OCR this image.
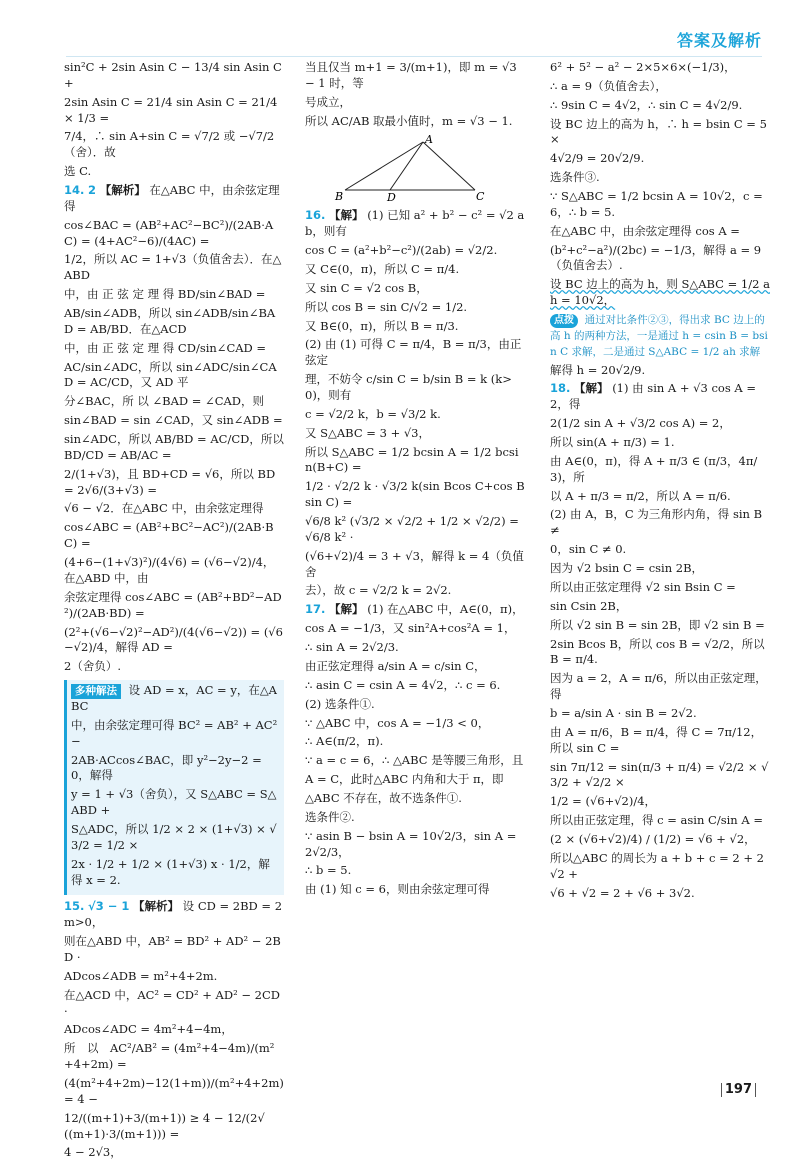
答案及解析

sin²C + 2sin Asin C − 13/4 sin Asin C +

2sin Asin C = 21/4 sin Asin C = 21/4 × 1/3 =

7/4，∴ sin A+sin C = √7/2 或 −√7/2（舍）．故

选 C.

14. 2 【解析】 在△ABC 中，由余弦定理得

cos∠BAC = (AB²+AC²−BC²)/(2AB·AC) = (4+AC²−6)/(4AC) =

1/2，所以 AC = 1+√3（负值舍去）．在△ABD

中，由 正 弦 定 理 得 BD/sin∠BAD =

AB/sin∠ADB，所以 sin∠ADB/sin∠BAD = AB/BD．在△ACD

中，由 正 弦 定 理 得 CD/sin∠CAD =

AC/sin∠ADC，所以 sin∠ADC/sin∠CAD = AC/CD，又 AD 平

分∠BAC，所 以 ∠BAD = ∠CAD，则

sin∠BAD = sin ∠CAD，又 sin∠ADB =

sin∠ADC，所以 AB/BD = AC/CD，所以 BD/CD = AB/AC =

2/(1+√3)，且 BD+CD = √6，所以 BD = 2√6/(3+√3) =

√6 − √2．在△ABC 中，由余弦定理得

cos∠ABC = (AB²+BC²−AC²)/(2AB·BC) =

(4+6−(1+√3)²)/(4√6) = (√6−√2)/4，在△ABD 中，由

余弦定理得 cos∠ABC = (AB²+BD²−AD²)/(2AB·BD) =

(2²+(√6−√2)²−AD²)/(4(√6−√2)) = (√6−√2)/4，解得 AD =

2（舍负）.

多种解法 设 AD = x，AC = y，在△ABC

中，由余弦定理可得 BC² = AB² + AC² −

2AB·ACcos∠BAC，即 y²−2y−2 = 0，解得

y = 1 + √3（舍负），又 S△ABC = S△ABD +

S△ADC，所以 1/2 × 2 × (1+√3) × √3/2 = 1/2 ×

2x · 1/2 + 1/2 × (1+√3) x · 1/2，解得 x = 2.

15. √3 − 1 【解析】 设 CD = 2BD = 2m>0，

则在△ABD 中，AB² = BD² + AD² − 2BD ·

ADcos∠ADB = m²+4+2m.

在△ACD 中，AC² = CD² + AD² − 2CD ·

ADcos∠ADC = 4m²+4−4m，

所　以　AC²/AB² = (4m²+4−4m)/(m²+4+2m) =

(4(m²+4+2m)−12(1+m))/(m²+4+2m) = 4 −

12/((m+1)+3/(m+1)) ≥ 4 − 12/(2√((m+1)·3/(m+1))) =

4 − 2√3，

当且仅当 m+1 = 3/(m+1)，即 m = √3 − 1 时，等

号成立，

所以 AC/AB 取最小值时，m = √3 − 1.

A
B	C
D

16. 【解】 (1) 已知 a² + b² − c² = √2 ab，则有

cos C = (a²+b²−c²)/(2ab) = √2/2.

又 C∈(0，π)，所以 C = π/4.

又 sin C = √2 cos B，

所以 cos B = sin C/√2 = 1/2.

又 B∈(0，π)，所以 B = π/3.

(2) 由 (1) 可得 C = π/4，B = π/3，由正弦定

理，不妨令 c/sin C = b/sin B = k (k>0)，则有

c = √2/2 k，b = √3/2 k.

又 S△ABC = 3 + √3，

所以 S△ABC = 1/2 bcsin A = 1/2 bcsin(B+C) =

1/2 · √2/2 k · √3/2 k(sin Bcos C+cos Bsin C) =

√6/8 k² (√3/2 × √2/2 + 1/2 × √2/2) = √6/8 k² ·

(√6+√2)/4 = 3 + √3，解得 k = 4（负值舍

去），故 c = √2/2 k = 2√2.

17. 【解】 (1) 在△ABC 中，A∈(0，π)，

cos A = −1/3，又 sin²A+cos²A = 1，

∴ sin A = 2√2/3.

由正弦定理得 a/sin A = c/sin C，

∴ asin C = csin A = 4√2，∴ c = 6.

(2) 选条件①.

∵ △ABC 中，cos A = −1/3 < 0，

∴ A∈(π/2，π).

∵ a = c = 6，∴ △ABC 是等腰三角形，且

A = C，此时△ABC 内角和大于 π，即

△ABC 不存在，故不选条件①.

选条件②.

∵ asin B − bsin A = 10√2/3，sin A = 2√2/3，

∴ b = 5.

由 (1) 知 c = 6，则由余弦定理可得

6² + 5² − a² − 2×5×6×(−1/3)，

∴ a = 9（负值舍去），

∴ 9sin C = 4√2，∴ sin C = 4√2/9.

设 BC 边上的高为 h，∴ h = bsin C = 5 ×

4√2/9 = 20√2/9.

选条件③.

∵ S△ABC = 1/2 bcsin A = 10√2，c = 6，∴ b = 5.

在△ABC 中，由余弦定理得 cos A =

(b²+c²−a²)/(2bc) = −1/3，解得 a = 9（负值舍去）.

设 BC 边上的高为 h，则 S△ABC = 1/2 ah = 10√2，

点拨 通过对比条件②③，得出求 BC 边上的高 h 的两种方法，一是通过 h = csin B = bsin C 求解，二是通过 S△ABC = 1/2 ah 求解

解得 h = 20√2/9.

18. 【解】 (1) 由 sin A + √3 cos A = 2，得

2(1/2 sin A + √3/2 cos A) = 2，

所以 sin(A + π/3) = 1.

由 A∈(0，π)，得 A + π/3 ∈ (π/3，4π/3)，所

以 A + π/3 = π/2，所以 A = π/6.

(2) 由 A，B，C 为三角形内角，得 sin B ≠

0，sin C ≠ 0.

因为 √2 bsin C = csin 2B，

所以由正弦定理得 √2 sin Bsin C =

sin Csin 2B，

所以 √2 sin B = sin 2B，即 √2 sin B =

2sin Bcos B，所以 cos B = √2/2，所以 B = π/4.

因为 a = 2，A = π/6，所以由正弦定理，得

b = a/sin A · sin B = 2√2.

由 A = π/6，B = π/4，得 C = 7π/12，所以 sin C =

sin 7π/12 = sin(π/3 + π/4) = √2/2 × √3/2 + √2/2 ×

1/2 = (√6+√2)/4，

所以由正弦定理，得 c = asin C/sin A =

(2 × (√6+√2)/4) / (1/2) = √6 + √2，

所以△ABC 的周长为 a + b + c = 2 + 2√2 +

√6 + √2 = 2 + √6 + 3√2.

197
